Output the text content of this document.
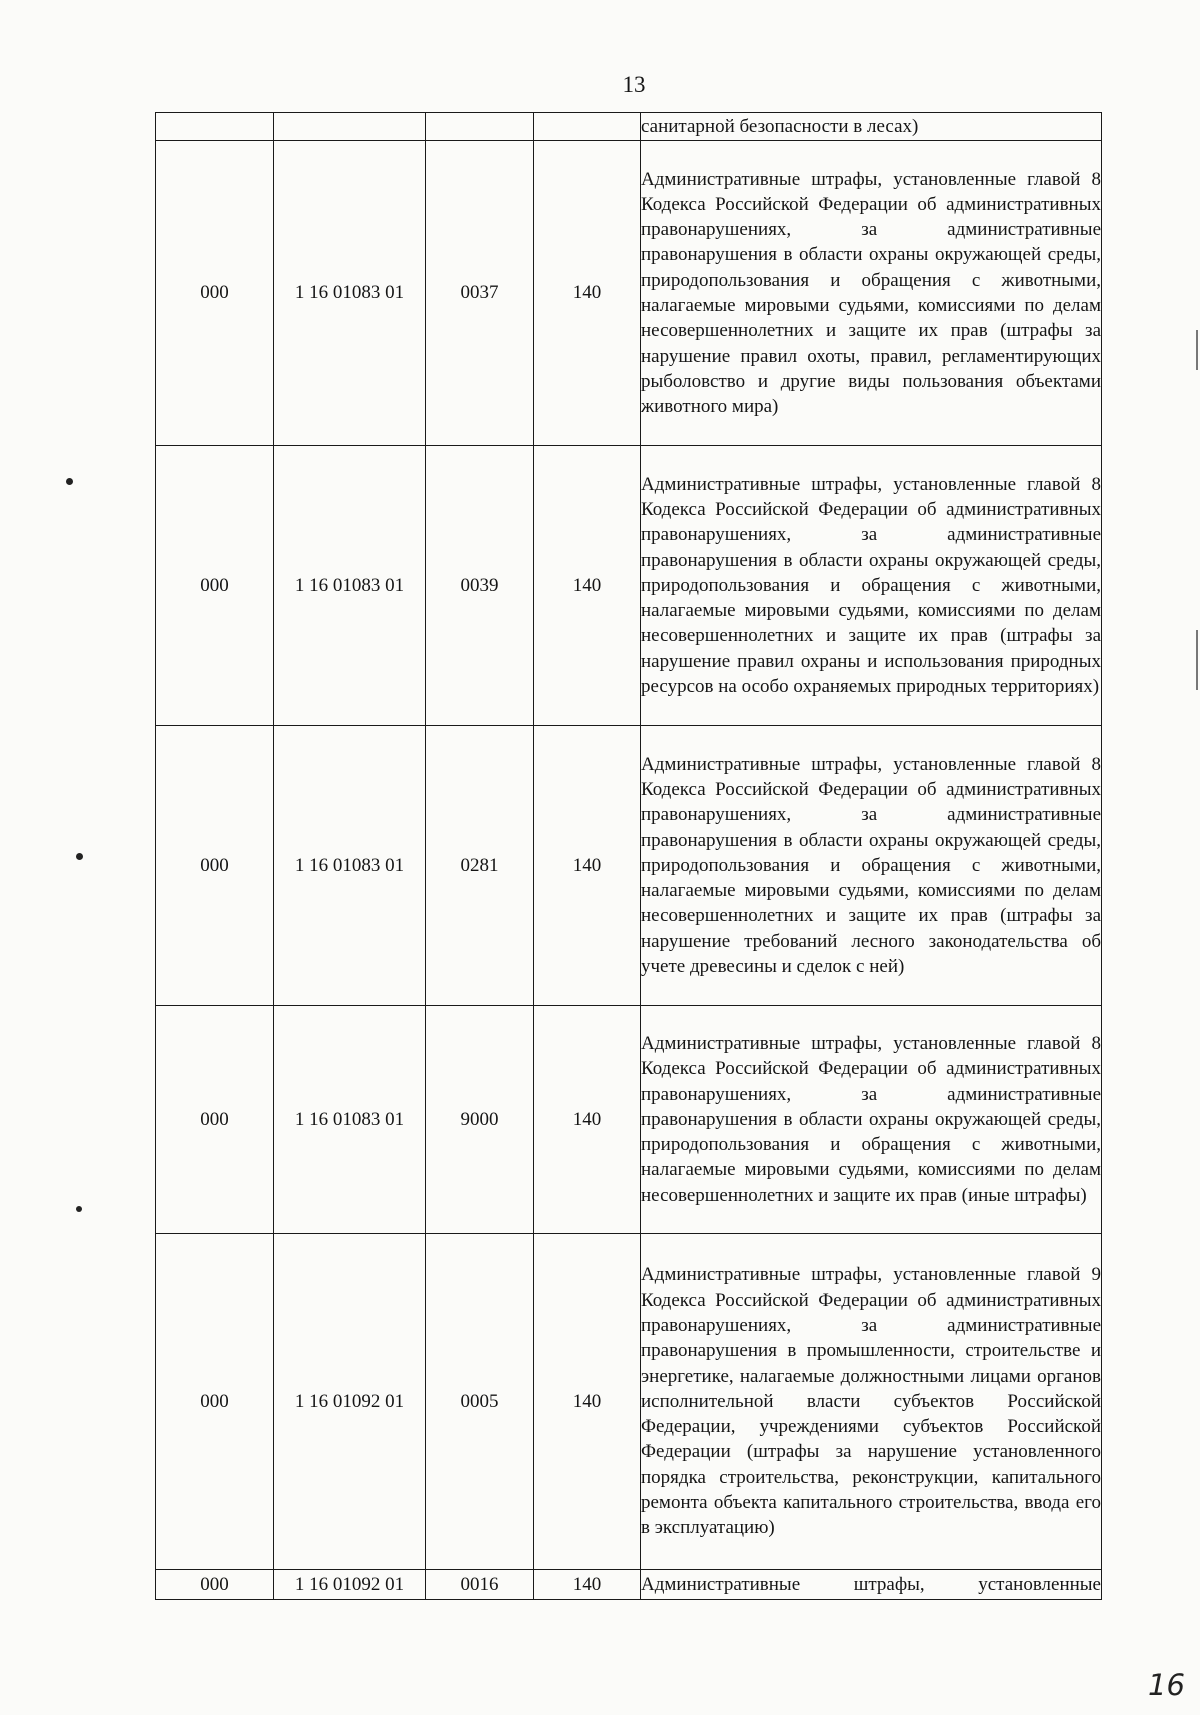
13
				санитарной безопасности в лесах)
000	1 16 01083 01	0037	140	Административные штрафы, установленные главой 8 Кодекса Российской Федерации об административных правонарушениях, за административные правонарушения в области охраны окружающей среды, природопользования и обращения с животными, налагаемые мировыми судьями, комиссиями по делам несовершеннолетних и защите их прав (штрафы за нарушение правил охоты, правил, регламентирующих рыболовство и другие виды пользования объектами животного мира)
000	1 16 01083 01	0039	140	Административные штрафы, установленные главой 8 Кодекса Российской Федерации об административных правонарушениях, за административные правонарушения в области охраны окружающей среды, природопользования и обращения с животными, налагаемые мировыми судьями, комиссиями по делам несовершеннолетних и защите их прав (штрафы за нарушение правил охраны и использования природных ресурсов на особо охраняемых природных территориях)
000	1 16 01083 01	0281	140	Административные штрафы, установленные главой 8 Кодекса Российской Федерации об административных правонарушениях, за административные правонарушения в области охраны окружающей среды, природопользования и обращения с животными, налагаемые мировыми судьями, комиссиями по делам несовершеннолетних и защите их прав (штрафы за нарушение требований лесного законодательства об учете древесины и сделок с ней)
000	1 16 01083 01	9000	140	Административные штрафы, установленные главой 8 Кодекса Российской Федерации об административных правонарушениях, за административные правонарушения в области охраны окружающей среды, природопользования и обращения с животными, налагаемые мировыми судьями, комиссиями по делам несовершеннолетних и защите их прав (иные штрафы)
000	1 16 01092 01	0005	140	Административные штрафы, установленные главой 9 Кодекса Российской Федерации об административных правонарушениях, за административные правонарушения в промышленности, строительстве и энергетике, налагаемые должностными лицами органов исполнительной власти субъектов Российской Федерации, учреждениями субъектов Российской Федерации (штрафы за нарушение установленного порядка строительства, реконструкции, капитального ремонта объекта капитального строительства, ввода его в эксплуатацию)
000	1 16 01092 01	0016	140	Административные штрафы, установленные
16
